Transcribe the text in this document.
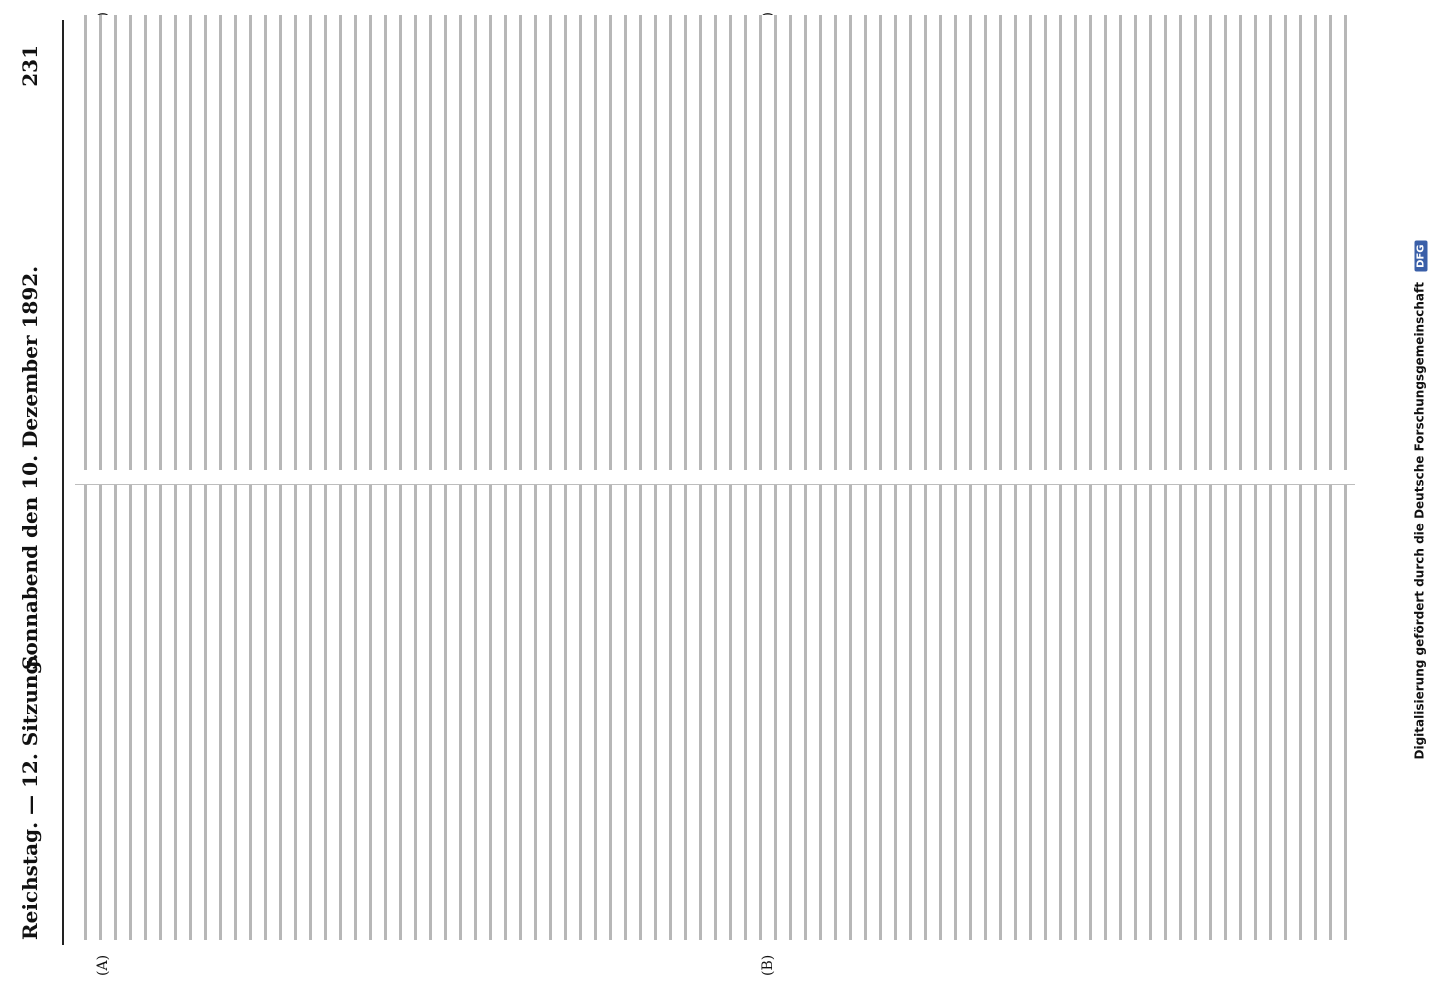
Reichstag. — 12. Sitzung.
Sonnabend den 10. Dezember 1892.
231
(A)	(B)
Digitalisierung gefördert durch die Deutsche Forschungsgemeinschaft DFG
